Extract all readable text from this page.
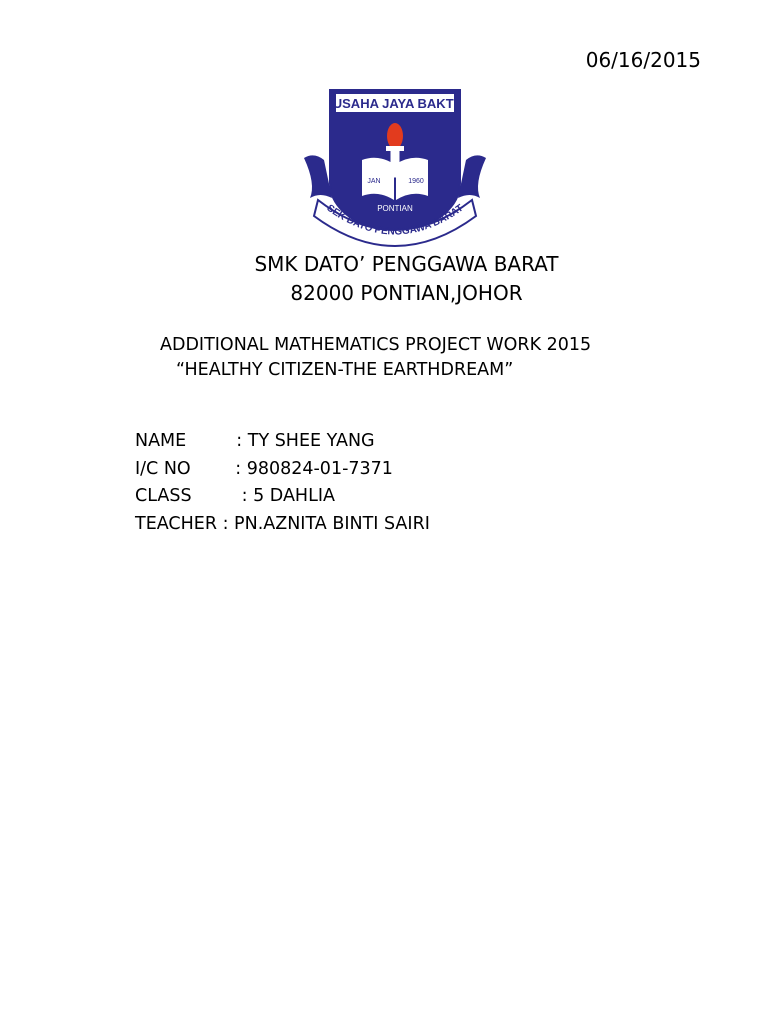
06/16/2015
USAHA JAYA BAKTI
JAN	1960
PONTIAN
SEK DATO PENGGAWA BARAT
SMK DATO’ PENGGAWA BARAT
82000 PONTIAN,JOHOR
ADDITIONAL MATHEMATICS PROJECT WORK 2015
“HEALTHY CITIZEN-THE EARTHDREAM”
NAME         : TY SHEE YANG
I/C NO        : 980824-01-7371
CLASS         : 5 DAHLIA
TEACHER : PN.AZNITA BINTI SAIRI
